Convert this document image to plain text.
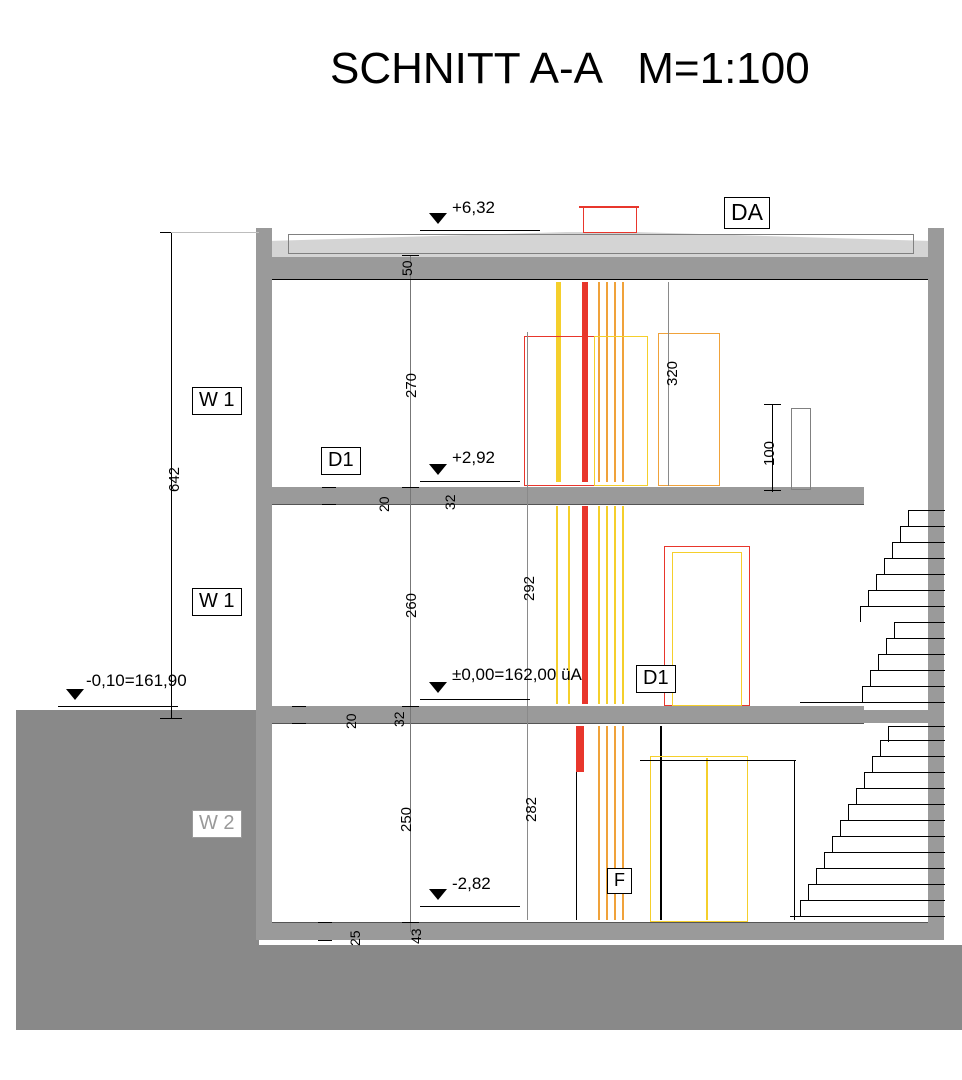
SCHNITT A-A   M=1:100
+6,32
+2,92
±0,00=162,00 üA
-0,10=161,90
-2,82
642
50
270	320
20	32
100
260
292
20 32
250	282
25	43
DA
W 1
W 1
W 2
D1
D1
F
